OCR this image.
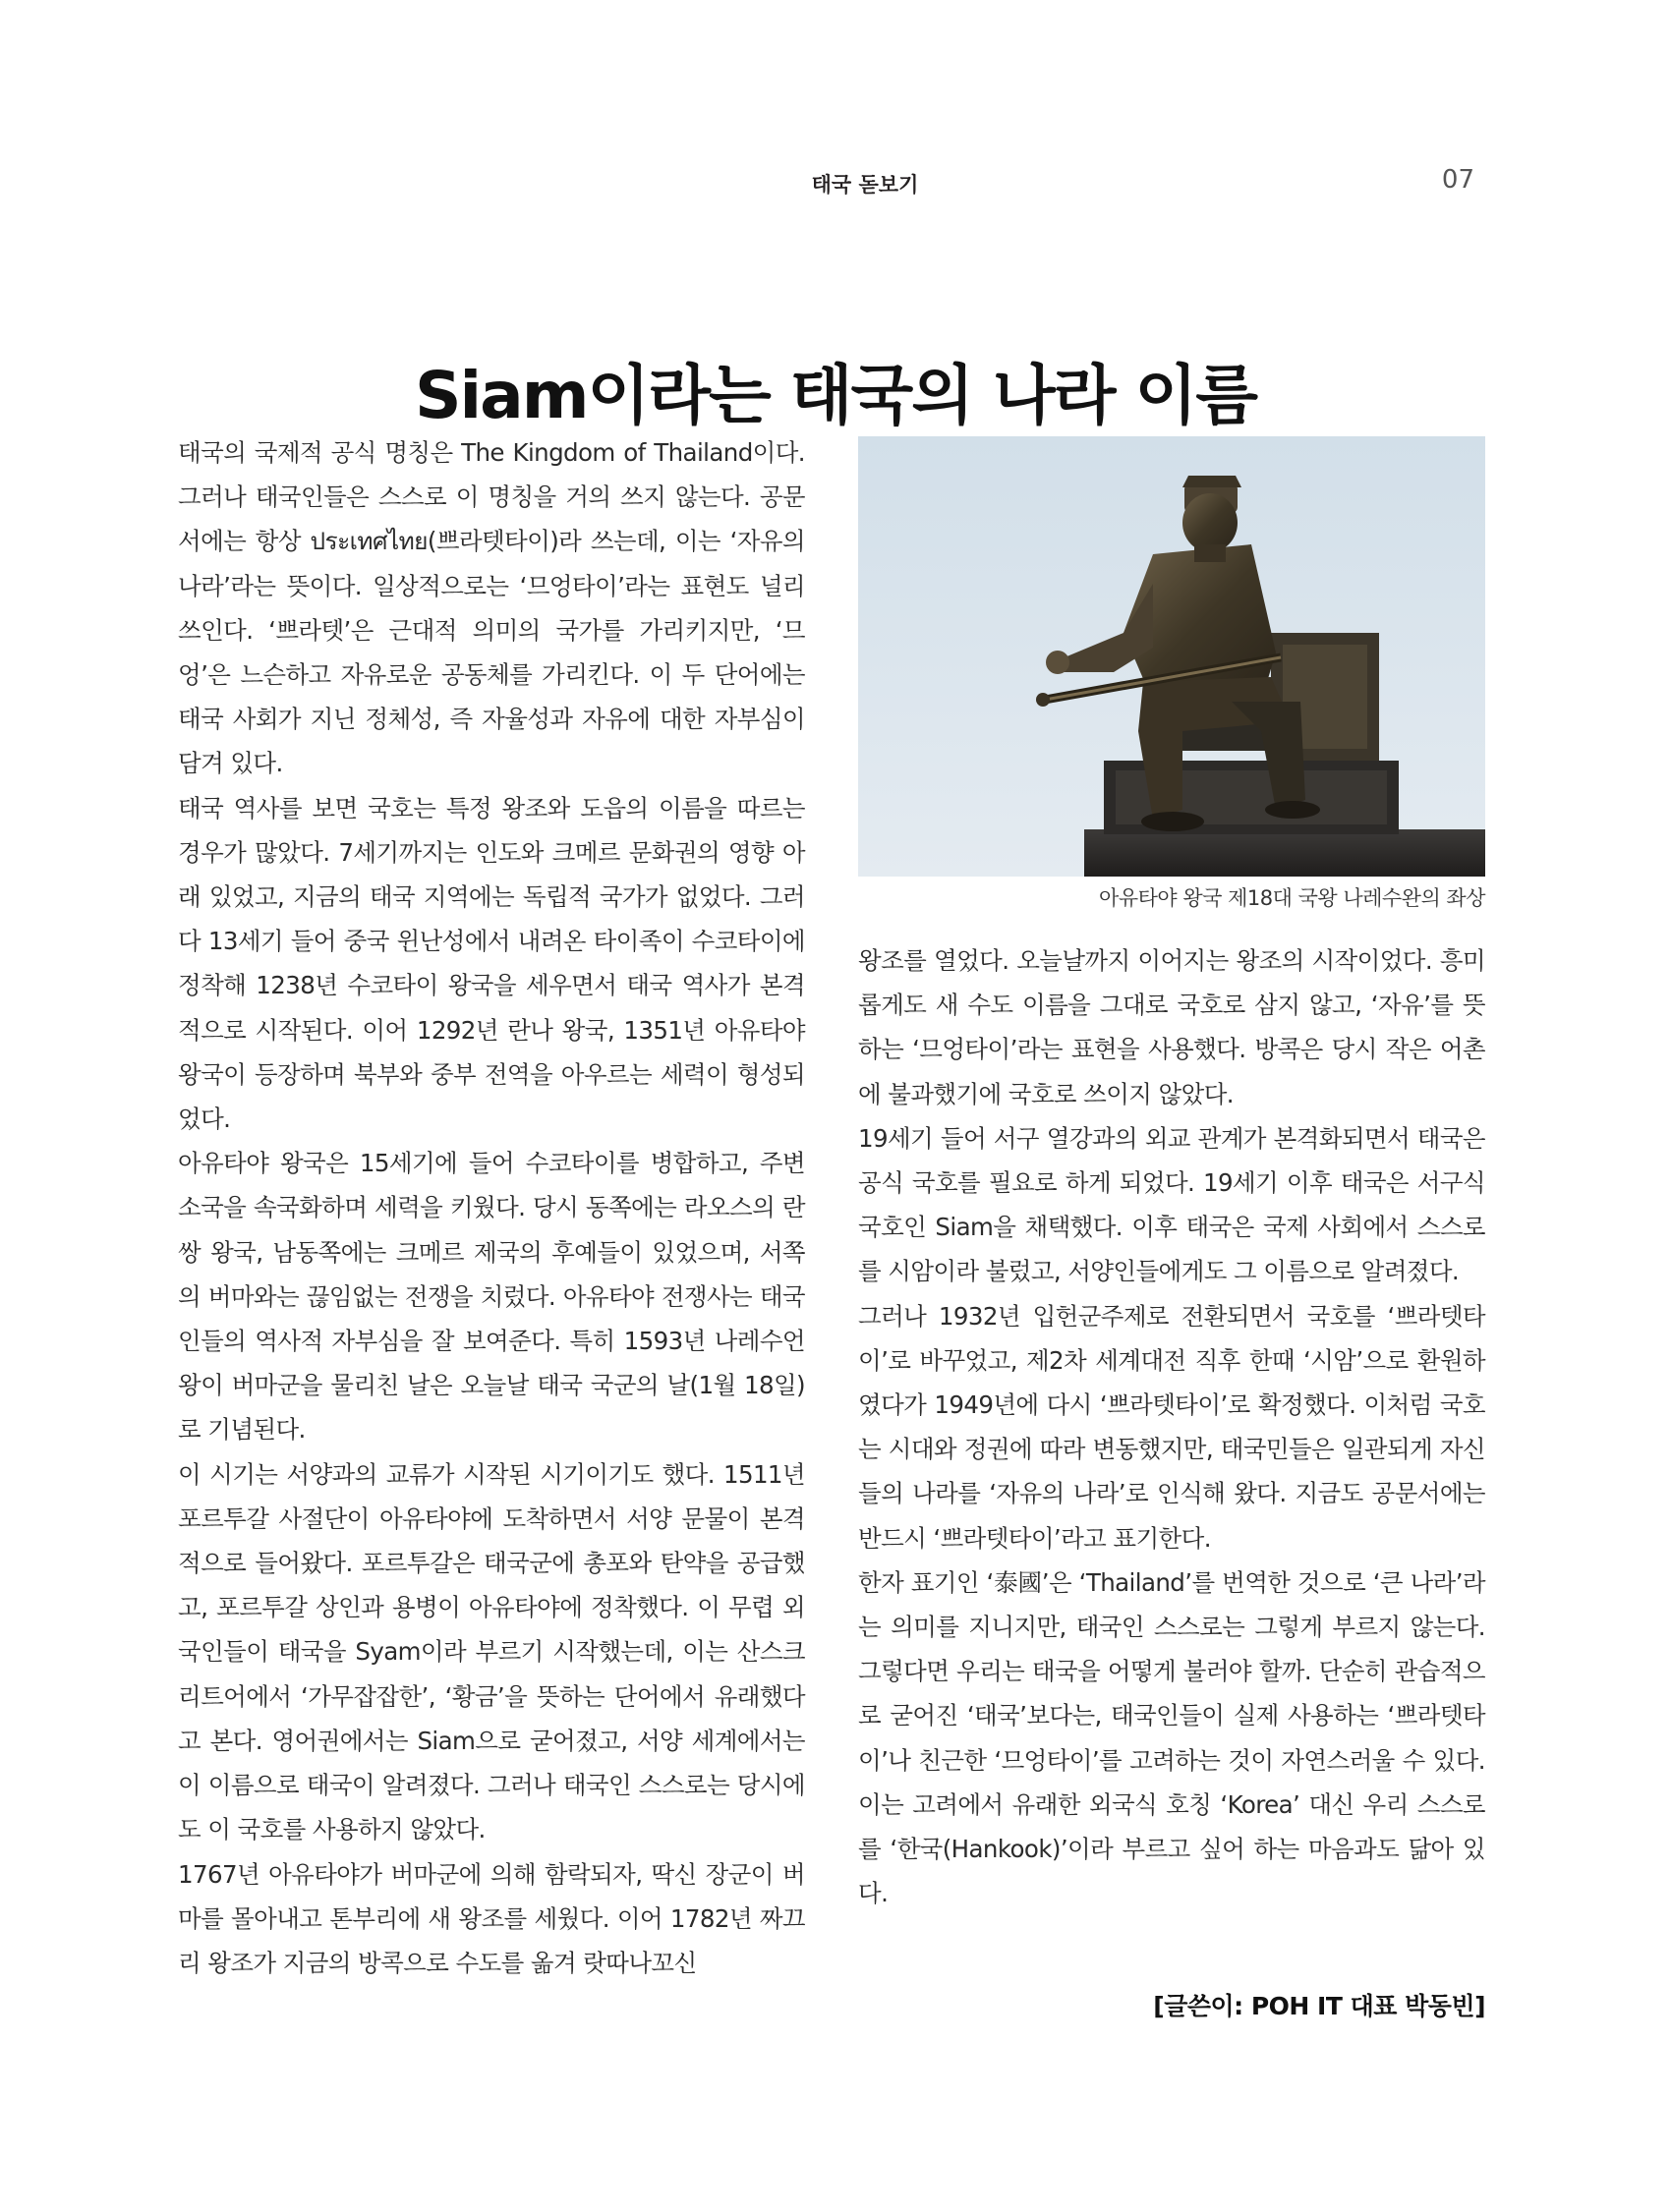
태국 돋보기	07
Siam이라는 태국의 나라 이름

태국의 국제적 공식 명칭은 The Kingdom of Thailand이다. 그러나 태국인들은 스스로 이 명칭을 거의 쓰지 않는다. 공문서에는 항상 ประเทศไทย(쁘라텟타이)라 쓰는데, 이는 ‘자유의 나라’라는 뜻이다. 일상적으로는 ‘므엉타이’라는 표현도 널리 쓰인다. ‘쁘라텟’은 근대적 의미의 국가를 가리키지만, ‘므엉’은 느슨하고 자유로운 공동체를 가리킨다. 이 두 단어에는 태국 사회가 지닌 정체성, 즉 자율성과 자유에 대한 자부심이 담겨 있다.

태국 역사를 보면 국호는 특정 왕조와 도읍의 이름을 따르는 경우가 많았다. 7세기까지는 인도와 크메르 문화권의 영향 아래 있었고, 지금의 태국 지역에는 독립적 국가가 없었다. 그러다 13세기 들어 중국 윈난성에서 내려온 타이족이 수코타이에 정착해 1238년 수코타이 왕국을 세우면서 태국 역사가 본격적으로 시작된다. 이어 1292년 란나 왕국, 1351년 아유타야 왕국이 등장하며 북부와 중부 전역을 아우르는 세력이 형성되었다.

아유타야 왕국은 15세기에 들어 수코타이를 병합하고, 주변 소국을 속국화하며 세력을 키웠다. 당시 동쪽에는 라오스의 란쌍 왕국, 남동쪽에는 크메르 제국의 후예들이 있었으며, 서쪽의 버마와는 끊임없는 전쟁을 치렀다. 아유타야 전쟁사는 태국인들의 역사적 자부심을 잘 보여준다. 특히 1593년 나레수언 왕이 버마군을 물리친 날은 오늘날 태국 국군의 날(1월 18일)로 기념된다.

이 시기는 서양과의 교류가 시작된 시기이기도 했다. 1511년 포르투갈 사절단이 아유타야에 도착하면서 서양 문물이 본격적으로 들어왔다. 포르투갈은 태국군에 총포와 탄약을 공급했고, 포르투갈 상인과 용병이 아유타야에 정착했다. 이 무렵 외국인들이 태국을 Syam이라 부르기 시작했는데, 이는 산스크리트어에서 ‘가무잡잡한’, ‘황금’을 뜻하는 단어에서 유래했다고 본다. 영어권에서는 Siam으로 굳어졌고, 서양 세계에서는 이 이름으로 태국이 알려졌다. 그러나 태국인 스스로는 당시에도 이 국호를 사용하지 않았다.

1767년 아유타야가 버마군에 의해 함락되자, 딱신 장군이 버마를 몰아내고 톤부리에 새 왕조를 세웠다. 이어 1782년 짜끄리 왕조가 지금의 방콕으로 수도를 옮겨 랏따나꼬신

아유타야 왕국 제18대 국왕 나레수완의 좌상

왕조를 열었다. 오늘날까지 이어지는 왕조의 시작이었다. 흥미롭게도 새 수도 이름을 그대로 국호로 삼지 않고, ‘자유’를 뜻하는 ‘므엉타이’라는 표현을 사용했다. 방콕은 당시 작은 어촌에 불과했기에 국호로 쓰이지 않았다.

19세기 들어 서구 열강과의 외교 관계가 본격화되면서 태국은 공식 국호를 필요로 하게 되었다. 19세기 이후 태국은 서구식 국호인 Siam을 채택했다. 이후 태국은 국제 사회에서 스스로를 시암이라 불렀고, 서양인들에게도 그 이름으로 알려졌다.

그러나 1932년 입헌군주제로 전환되면서 국호를 ‘쁘라텟타이’로 바꾸었고, 제2차 세계대전 직후 한때 ‘시암’으로 환원하였다가 1949년에 다시 ‘쁘라텟타이’로 확정했다. 이처럼 국호는 시대와 정권에 따라 변동했지만, 태국민들은 일관되게 자신들의 나라를 ‘자유의 나라’로 인식해 왔다. 지금도 공문서에는 반드시 ‘쁘라텟타이’라고 표기한다.

한자 표기인 ‘泰國’은 ‘Thailand’를 번역한 것으로 ‘큰 나라’라는 의미를 지니지만, 태국인 스스로는 그렇게 부르지 않는다. 그렇다면 우리는 태국을 어떻게 불러야 할까. 단순히 관습적으로 굳어진 ‘태국’보다는, 태국인들이 실제 사용하는 ‘쁘라텟타이’나 친근한 ‘므엉타이’를 고려하는 것이 자연스러울 수 있다. 이는 고려에서 유래한 외국식 호칭 ‘Korea’ 대신 우리 스스로를 ‘한국(Hankook)’이라 부르고 싶어 하는 마음과도 닮아 있다.

[글쓴이: POH IT 대표 박동빈]
